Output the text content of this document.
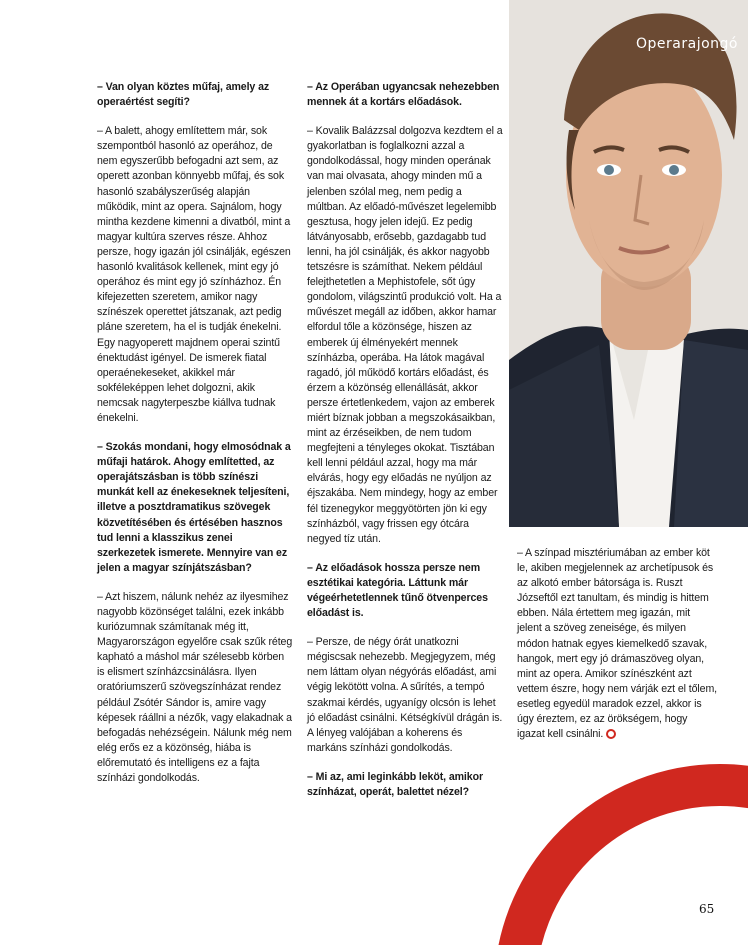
Operarajongó

– Van olyan köztes műfaj, amely az operaértést segíti?

– A balett, ahogy említettem már, sok szempontból hasonló az operához, de nem egyszerűbb befogadni azt sem, az operett azonban könnyebb műfaj, és sok hasonló szabályszerűség alapján működik, mint az opera. Sajnálom, hogy mintha kezdene kimenni a divatból, mint a magyar kultúra szerves része. Ahhoz persze, hogy igazán jól csinálják, egészen hasonló kvalitások kellenek, mint egy jó operához és mint egy jó színházhoz. Én kifejezetten szeretem, amikor nagy színészek operettet játszanak, azt pedig pláne szeretem, ha el is tudják énekelni. Egy nagyoperett majdnem operai szintű énektudást igényel. De ismerek fiatal operaénekeseket, akikkel már sokféleképpen lehet dolgozni, akik nemcsak nagyterpeszbe kiállva tudnak énekelni.

– Szokás mondani, hogy elmosódnak a műfaji határok. Ahogy említetted, az operajátszásban is több színészi munkát kell az énekeseknek teljesíteni, illetve a posztdramatikus szövegek közvetítésében és értésében hasznos tud lenni a klasszikus zenei szerkezetek ismerete. Mennyire van ez jelen a magyar színjátszásban?

– Azt hiszem, nálunk nehéz az ilyesmihez nagyobb közönséget találni, ezek inkább kuriózumnak számítanak még itt, Magyarországon egyelőre csak szűk réteg kapható a máshol már szélesebb körben is elismert színházcsinálásra. Ilyen oratóriumszerű szövegszínházat rendez például Zsótér Sándor is, amire vagy képesek ráállni a nézők, vagy elakadnak a befogadás nehézségein. Nálunk még nem elég erős ez a közönség, hiába is előremutató és intelligens ez a fajta színházi gondolkodás.

– Az Operában ugyancsak nehezebben mennek át a kortárs előadások.

– Kovalik Balázzsal dolgozva kezdtem el a gyakorlatban is foglalkozni azzal a gondolkodással, hogy minden operának van mai olvasata, ahogy minden mű a jelenben szólal meg, nem pedig a múltban. Az előadó-művészet legelemibb gesztusa, hogy jelen idejű. Ez pedig látványosabb, erősebb, gazdagabb tud lenni, ha jól csinálják, és akkor nagyobb tetszésre is számíthat. Nekem például felejthetetlen a Mephistofele, sőt úgy gondolom, világszintű produkció volt. Ha a művészet megáll az időben, akkor hamar elfordul tőle a közönsége, hiszen az emberek új élményekért mennek színházba, operába. Ha látok magával ragadó, jól működő kortárs előadást, és érzem a közönség ellenállását, akkor persze értetlenkedem, vajon az emberek miért bíznak jobban a megszokásaikban, mint az érzéseikben, de nem tudom megfejteni a tényleges okokat. Tisztában kell lenni például azzal, hogy ma már elvárás, hogy egy előadás ne nyúljon az éjszakába. Nem mindegy, hogy az ember fél tizenegykor meggyötörten jön ki egy színházból, vagy frissen egy ótcára negyed tíz után.

– Az előadások hossza persze nem esztétikai kategória. Láttunk már végeérhetetlennek tűnő ötvenperces előadást is.

– Persze, de négy órát unatkozni mégiscsak nehezebb. Megjegyzem, még nem láttam olyan négyórás előadást, ami végig lekötött volna. A sűrítés, a tempó szakmai kérdés, ugyanígy olcsón is lehet jó előadást csinálni. Kétségkívül drágán is. A lényeg valójában a koherens és markáns színházi gondolkodás.

– Mi az, ami leginkább leköt, amikor színházat, operát, balettet nézel?

– A színpad misztériumában az ember köt le, akiben megjelennek az archetípusok és az alkotó ember bátorsága is. Ruszt Józseftől ezt tanultam, és mindig is hittem ebben. Nála értettem meg igazán, mit jelent a szöveg zeneisége, és milyen módon hatnak egyes kiemelkedő szavak, hangok, mert egy jó drámaszöveg olyan, mint az opera. Amikor színészként azt vettem észre, hogy nem várják ezt el tőlem, esetleg egyedül maradok ezzel, akkor is úgy éreztem, ez az örökségem, hogy igazat kell csinálni.

65
